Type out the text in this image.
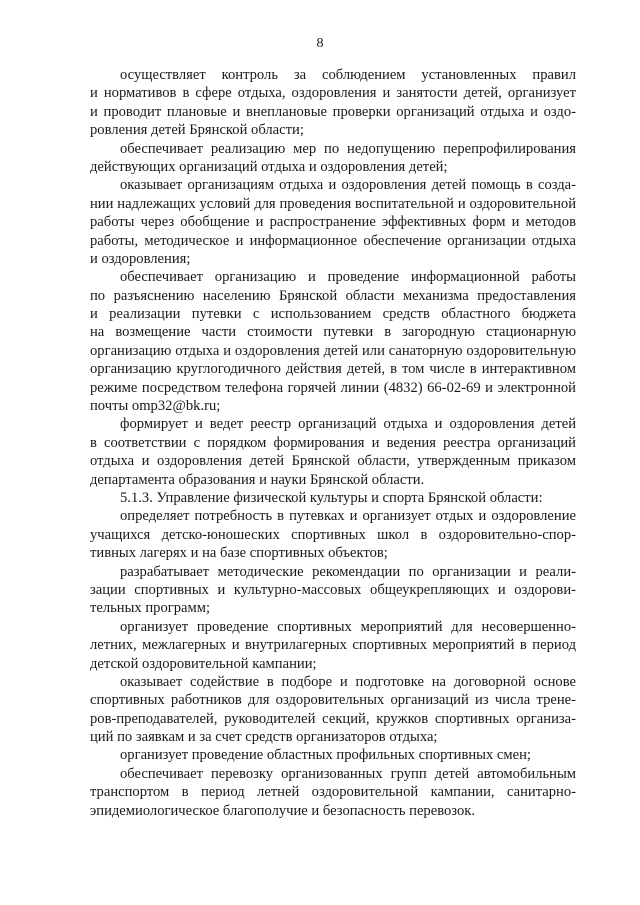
8
осуществляет контроль за соблюдением установленных правил
и нормативов в сфере отдыха, оздоровления и занятости детей, организует
и проводит плановые и внеплановые проверки организаций отдыха и оздо-
ровления детей Брянской области;
обеспечивает реализацию мер по недопущению перепрофилирования
действующих организаций отдыха и оздоровления детей;
оказывает организациям отдыха и оздоровления детей помощь в созда-
нии надлежащих условий для проведения воспитательной и оздоровительной
работы через обобщение и распространение эффективных форм и методов
работы, методическое и информационное обеспечение организации отдыха
и оздоровления;
обеспечивает организацию и проведение информационной работы
по разъяснению населению Брянской области механизма предоставления
и реализации путевки с использованием средств областного бюджета
на возмещение части стоимости путевки в загородную стационарную
организацию отдыха и оздоровления детей или санаторную оздоровительную
организацию круглогодичного действия детей, в том числе в интерактивном
режиме посредством телефона горячей линии (4832) 66-02-69 и электронной
почты omp32@bk.ru;
формирует и ведет реестр организаций отдыха и оздоровления детей
в соответствии с порядком формирования и ведения реестра организаций
отдыха и оздоровления детей Брянской области, утвержденным приказом
департамента образования и науки Брянской области.
5.1.3. Управление физической культуры и спорта Брянской области:
определяет потребность в путевках и организует отдых и оздоровление
учащихся детско-юношеских спортивных школ в оздоровительно-спор-
тивных лагерях и на базе спортивных объектов;
разрабатывает методические рекомендации по организации и реали-
зации спортивных и культурно-массовых общеукрепляющих и оздорови-
тельных программ;
организует проведение спортивных мероприятий для несовершенно-
летних, межлагерных и внутрилагерных спортивных мероприятий в период
детской оздоровительной кампании;
оказывает содействие в подборе и подготовке на договорной основе
спортивных работников для оздоровительных организаций из числа трене-
ров-преподавателей, руководителей секций, кружков спортивных организа-
ций по заявкам и за счет средств организаторов отдыха;
организует проведение областных профильных спортивных смен;
обеспечивает перевозку организованных групп детей автомобильным
транспортом в период летней оздоровительной кампании, санитарно-
эпидемиологическое благополучие и безопасность перевозок.
